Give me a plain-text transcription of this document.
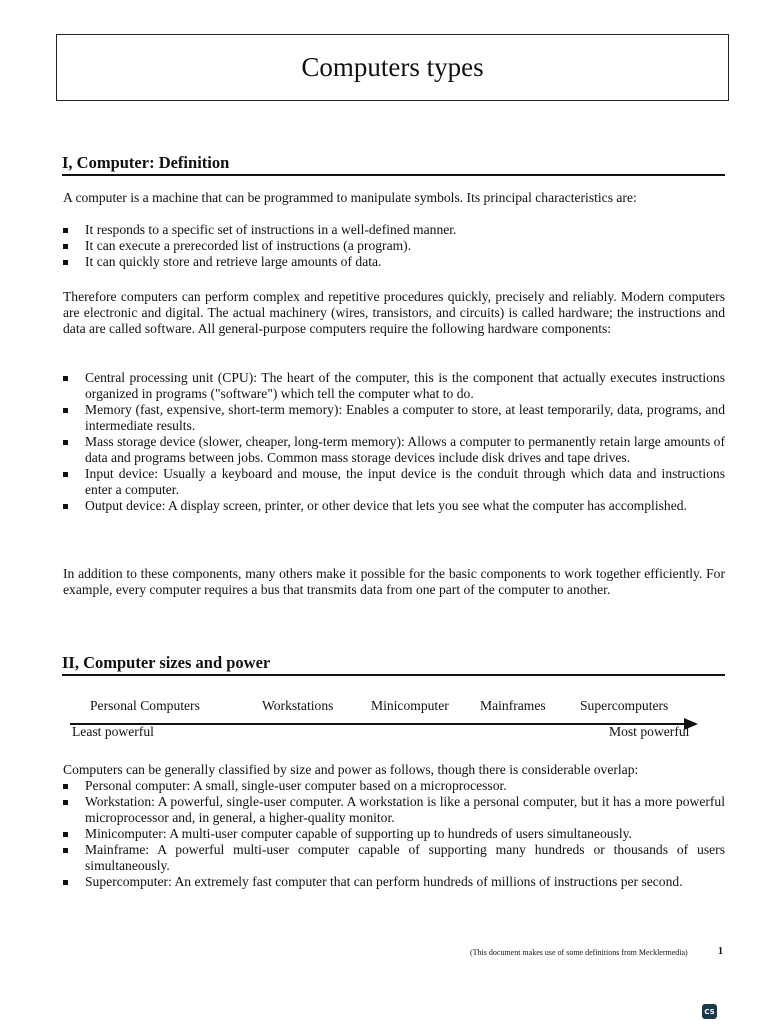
Computers types
I, Computer: Definition

A computer is a machine that can be programmed to manipulate symbols. Its principal characteristics are:

It responds to a specific set of instructions in a well-defined manner.
It can execute a prerecorded list of instructions (a program).
It can quickly store and retrieve large amounts of data.

Therefore computers can perform complex and repetitive procedures quickly, precisely and reliably. Modern computers are electronic and digital. The actual machinery (wires, transistors, and circuits) is called hardware; the instructions and data are called software. All general-purpose computers require the following hardware components:

Central processing unit (CPU): The heart of the computer, this is the component that actually executes instructions organized in programs ("software") which tell the computer what to do.
Memory (fast, expensive, short-term memory): Enables a computer to store, at least temporarily, data, programs, and intermediate results.
Mass storage device (slower, cheaper, long-term memory): Allows a computer to permanently retain large amounts of data and programs between jobs. Common mass storage devices include disk drives and tape drives.
Input device: Usually a keyboard and mouse, the input device is the conduit through which data and instructions enter a computer.
Output device: A display screen, printer, or other device that lets you see what the computer has accomplished.

In addition to these components, many others make it possible for the basic components to work together efficiently. For example, every computer requires a bus that transmits data from one part of the computer to another.

II, Computer sizes and power
Personal Computers	Workstations	Minicomputer Mainframes	Supercomputers
Least powerful	Most powerful

Computers can be generally classified by size and power as follows, though there is considerable overlap:

Personal computer: A small, single-user computer based on a microprocessor.
Workstation: A powerful, single-user computer. A workstation is like a personal computer, but it has a more powerful microprocessor and, in general, a higher-quality monitor.
Minicomputer: A multi-user computer capable of supporting up to hundreds of users simultaneously.
Mainframe: A powerful multi-user computer capable of supporting many hundreds or thousands of users simultaneously.
Supercomputer: An extremely fast computer that can perform hundreds of millions of instructions per second.
(This document makes use of some definitions from Mecklermedia)	1
CS
